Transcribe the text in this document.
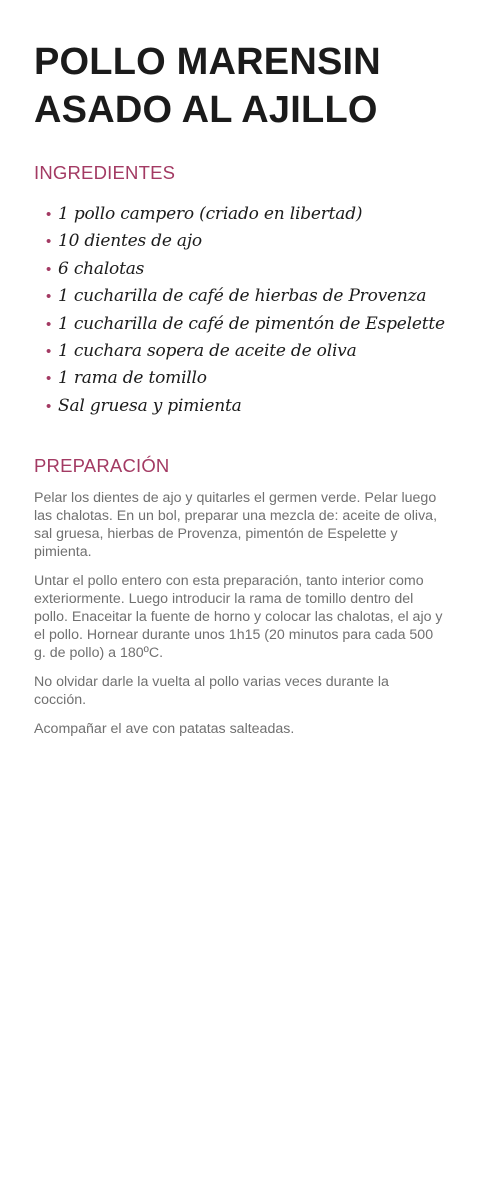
POLLO MARENSIN
ASADO AL AJILLO
INGREDIENTES
• 1 pollo campero (criado en libertad)
• 10 dientes de ajo
• 6 chalotas
• 1 cucharilla de café de hierbas de Provenza
• 1 cucharilla de café de pimentón de Espelette
• 1 cuchara sopera de aceite de oliva
• 1 rama de tomillo
• Sal gruesa y pimienta
PREPARACIÓN

Pelar los dientes de ajo y quitarles el germen verde. Pelar luego las chalotas. En un bol, preparar una mezcla de: aceite de oliva, sal gruesa, hierbas de Provenza, pimentón de Espelette y pimienta.

Untar el pollo entero con esta preparación, tanto interior como exteriormente. Luego introducir la rama de tomillo dentro del pollo. Enaceitar la fuente de horno y colocar las chalotas, el ajo y el pollo. Hornear durante unos 1h15 (20 minutos para cada 500 g. de pollo) a 180ºC.

No olvidar darle la vuelta al pollo varias veces durante la cocción.

Acompañar el ave con patatas salteadas.
